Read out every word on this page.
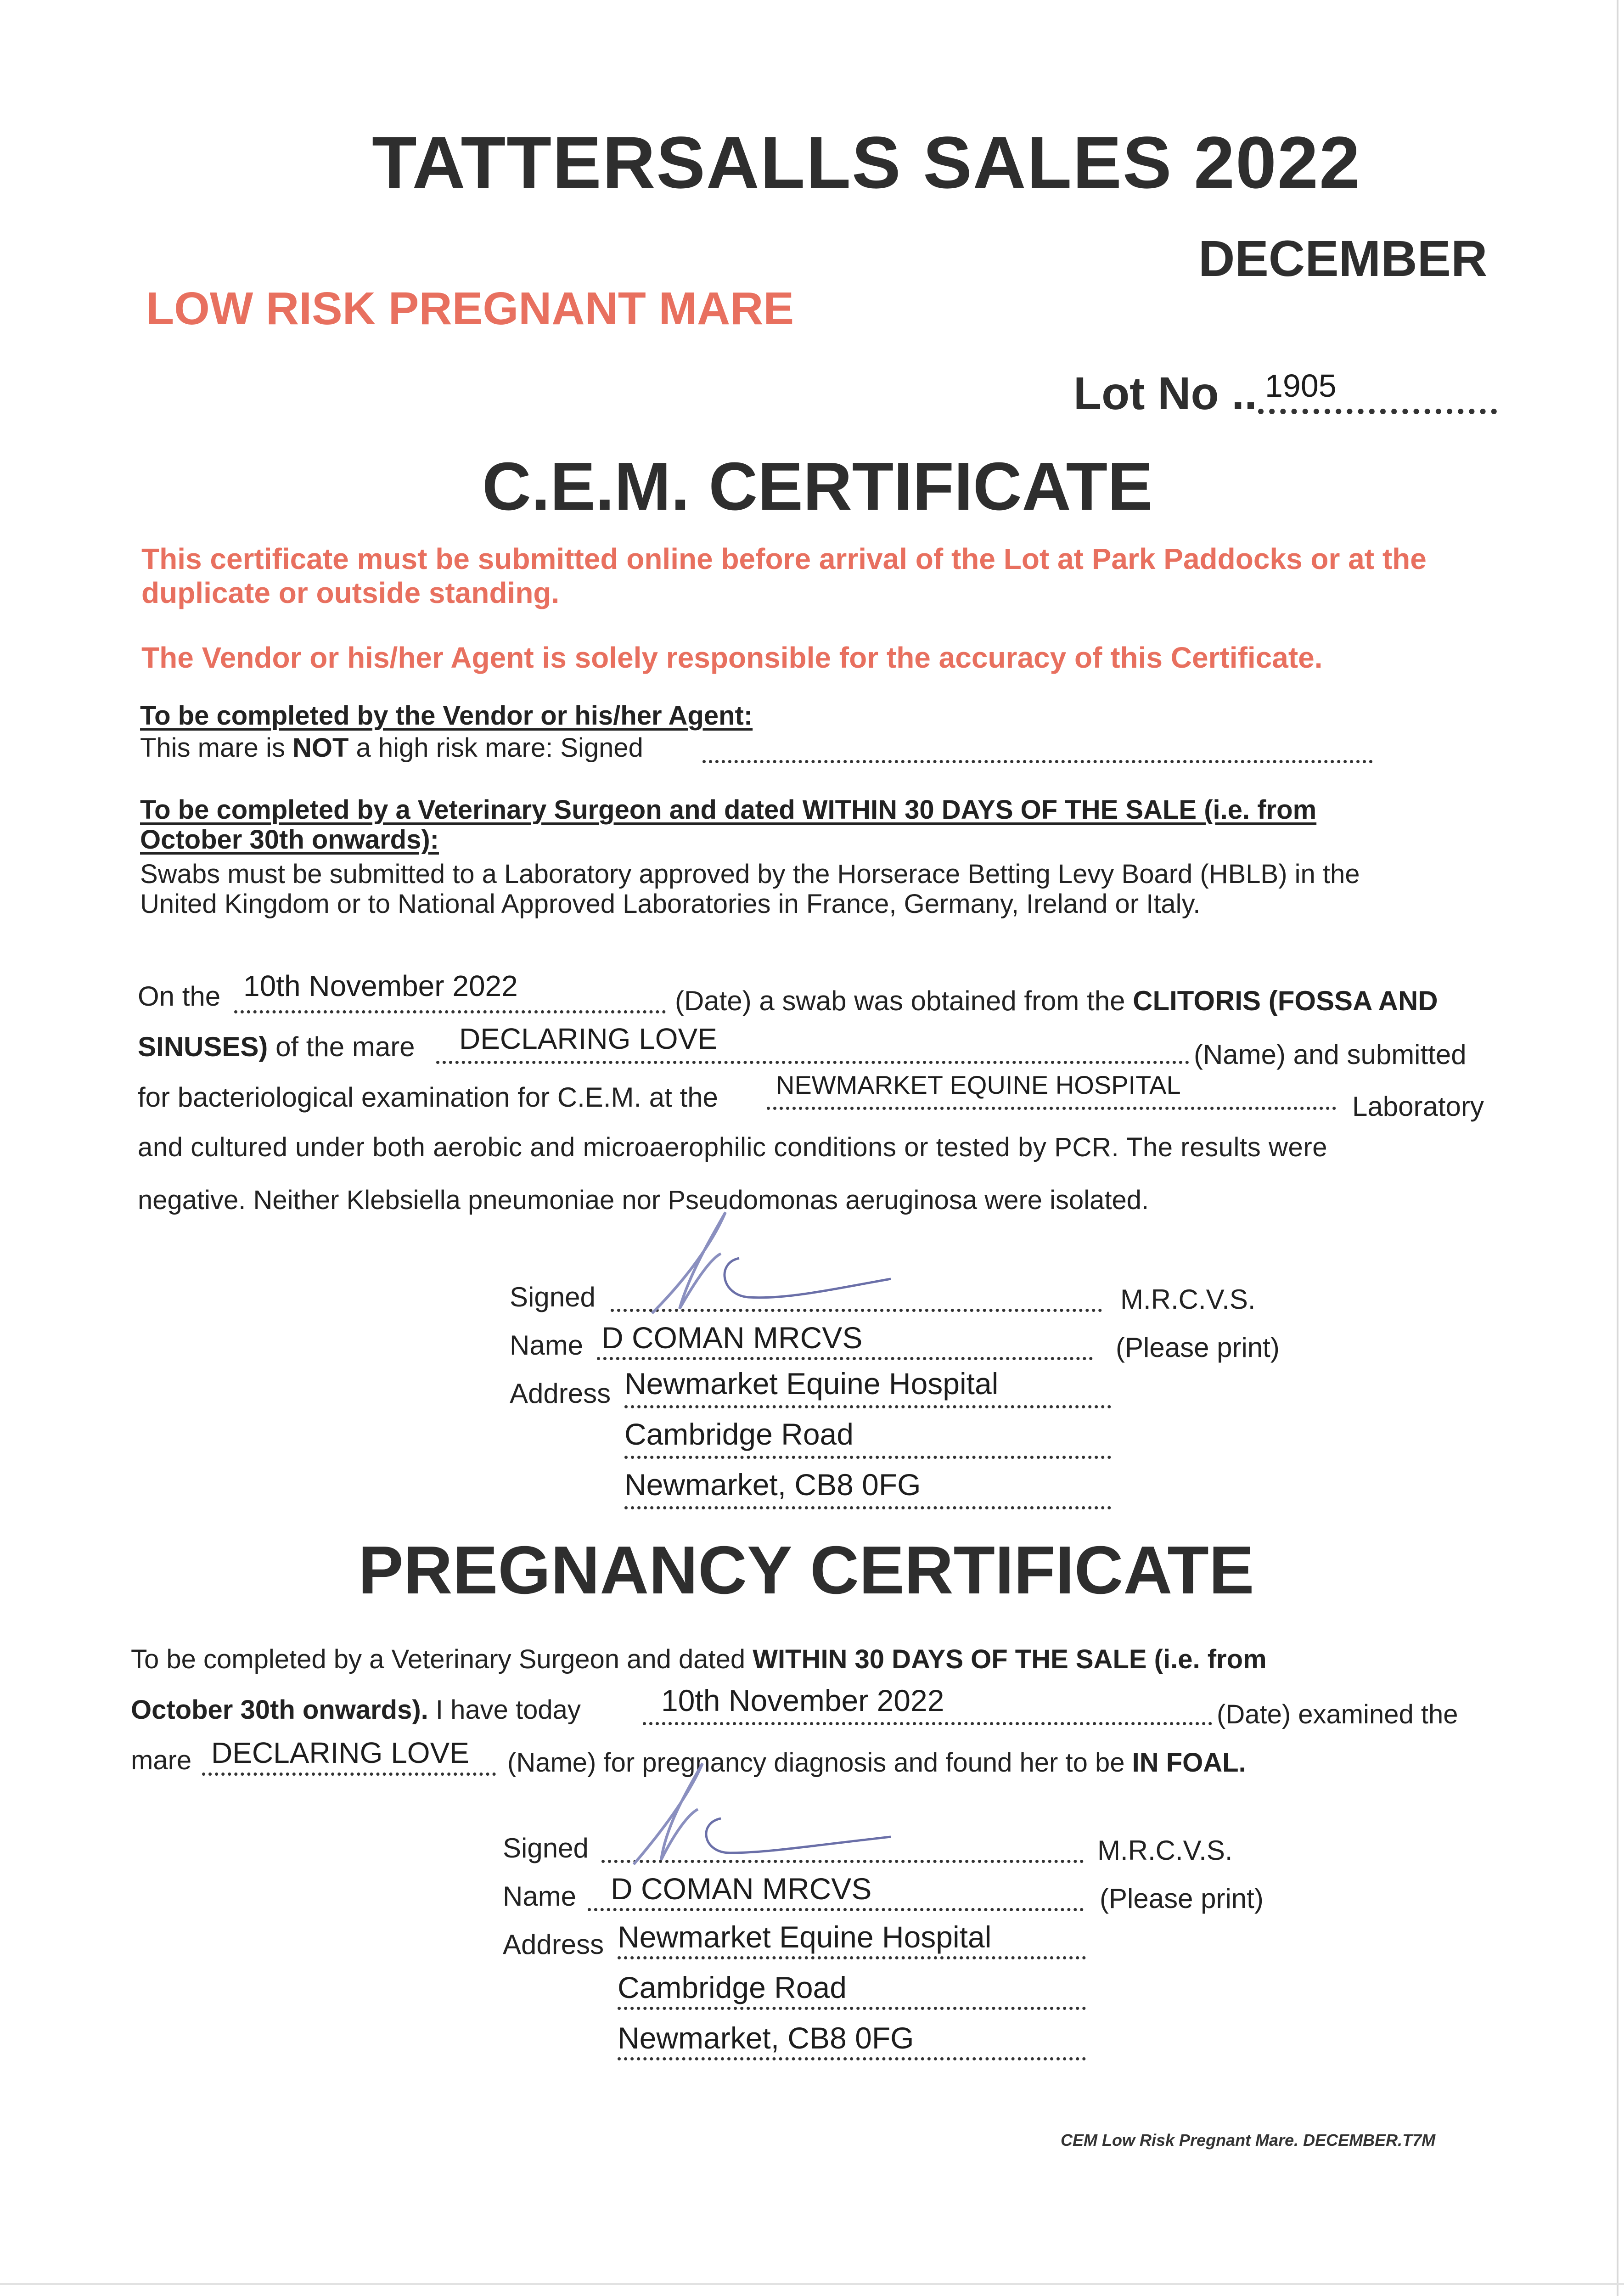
TATTERSALLS SALES 2022
DECEMBER
LOW RISK PREGNANT MARE
Lot No .. 1905
C.E.M. CERTIFICATE
This certificate must be submitted online before arrival of the Lot at Park Paddocks or at the duplicate or outside standing.
The Vendor or his/her Agent is solely responsible for the accuracy of this Certificate.
To be completed by the Vendor or his/her Agent:
This mare is NOT a high risk mare: Signed
To be completed by a Veterinary Surgeon and dated WITHIN 30 DAYS OF THE SALE (i.e. from
October 30th onwards):
Swabs must be submitted to a Laboratory approved by the Horserace Betting Levy Board (HBLB) in the
United Kingdom or to National Approved Laboratories in France, Germany, Ireland or Italy.
On the 10th November 2022	(Date) a swab was obtained from the CLITORIS (FOSSA AND
SINUSES) of the mare DECLARING LOVE	(Name) and submitted
for bacteriological examination for C.E.M. at the NEWMARKET EQUINE HOSPITAL
Laboratory
and cultured under both aerobic and microaerophilic conditions or tested by PCR. The results were
negative. Neither Klebsiella pneumoniae nor Pseudomonas aeruginosa were isolated.
Signed	M.R.C.V.S.
Name D COMAN MRCVS	(Please print)
Address Newmarket Equine Hospital
Cambridge Road
Newmarket, CB8 0FG
PREGNANCY CERTIFICATE
To be completed by a Veterinary Surgeon and dated WITHIN 30 DAYS OF THE SALE (i.e. from
October 30th onwards). I have today	10th November 2022	(Date) examined the
mare DECLARING LOVE (Name) for pregnancy diagnosis and found her to be IN FOAL.
Signed	M.R.C.V.S.
Name D COMAN MRCVS	(Please print)
Address Newmarket Equine Hospital
Cambridge Road
Newmarket, CB8 0FG
CEM Low Risk Pregnant Mare. DECEMBER.T7M
